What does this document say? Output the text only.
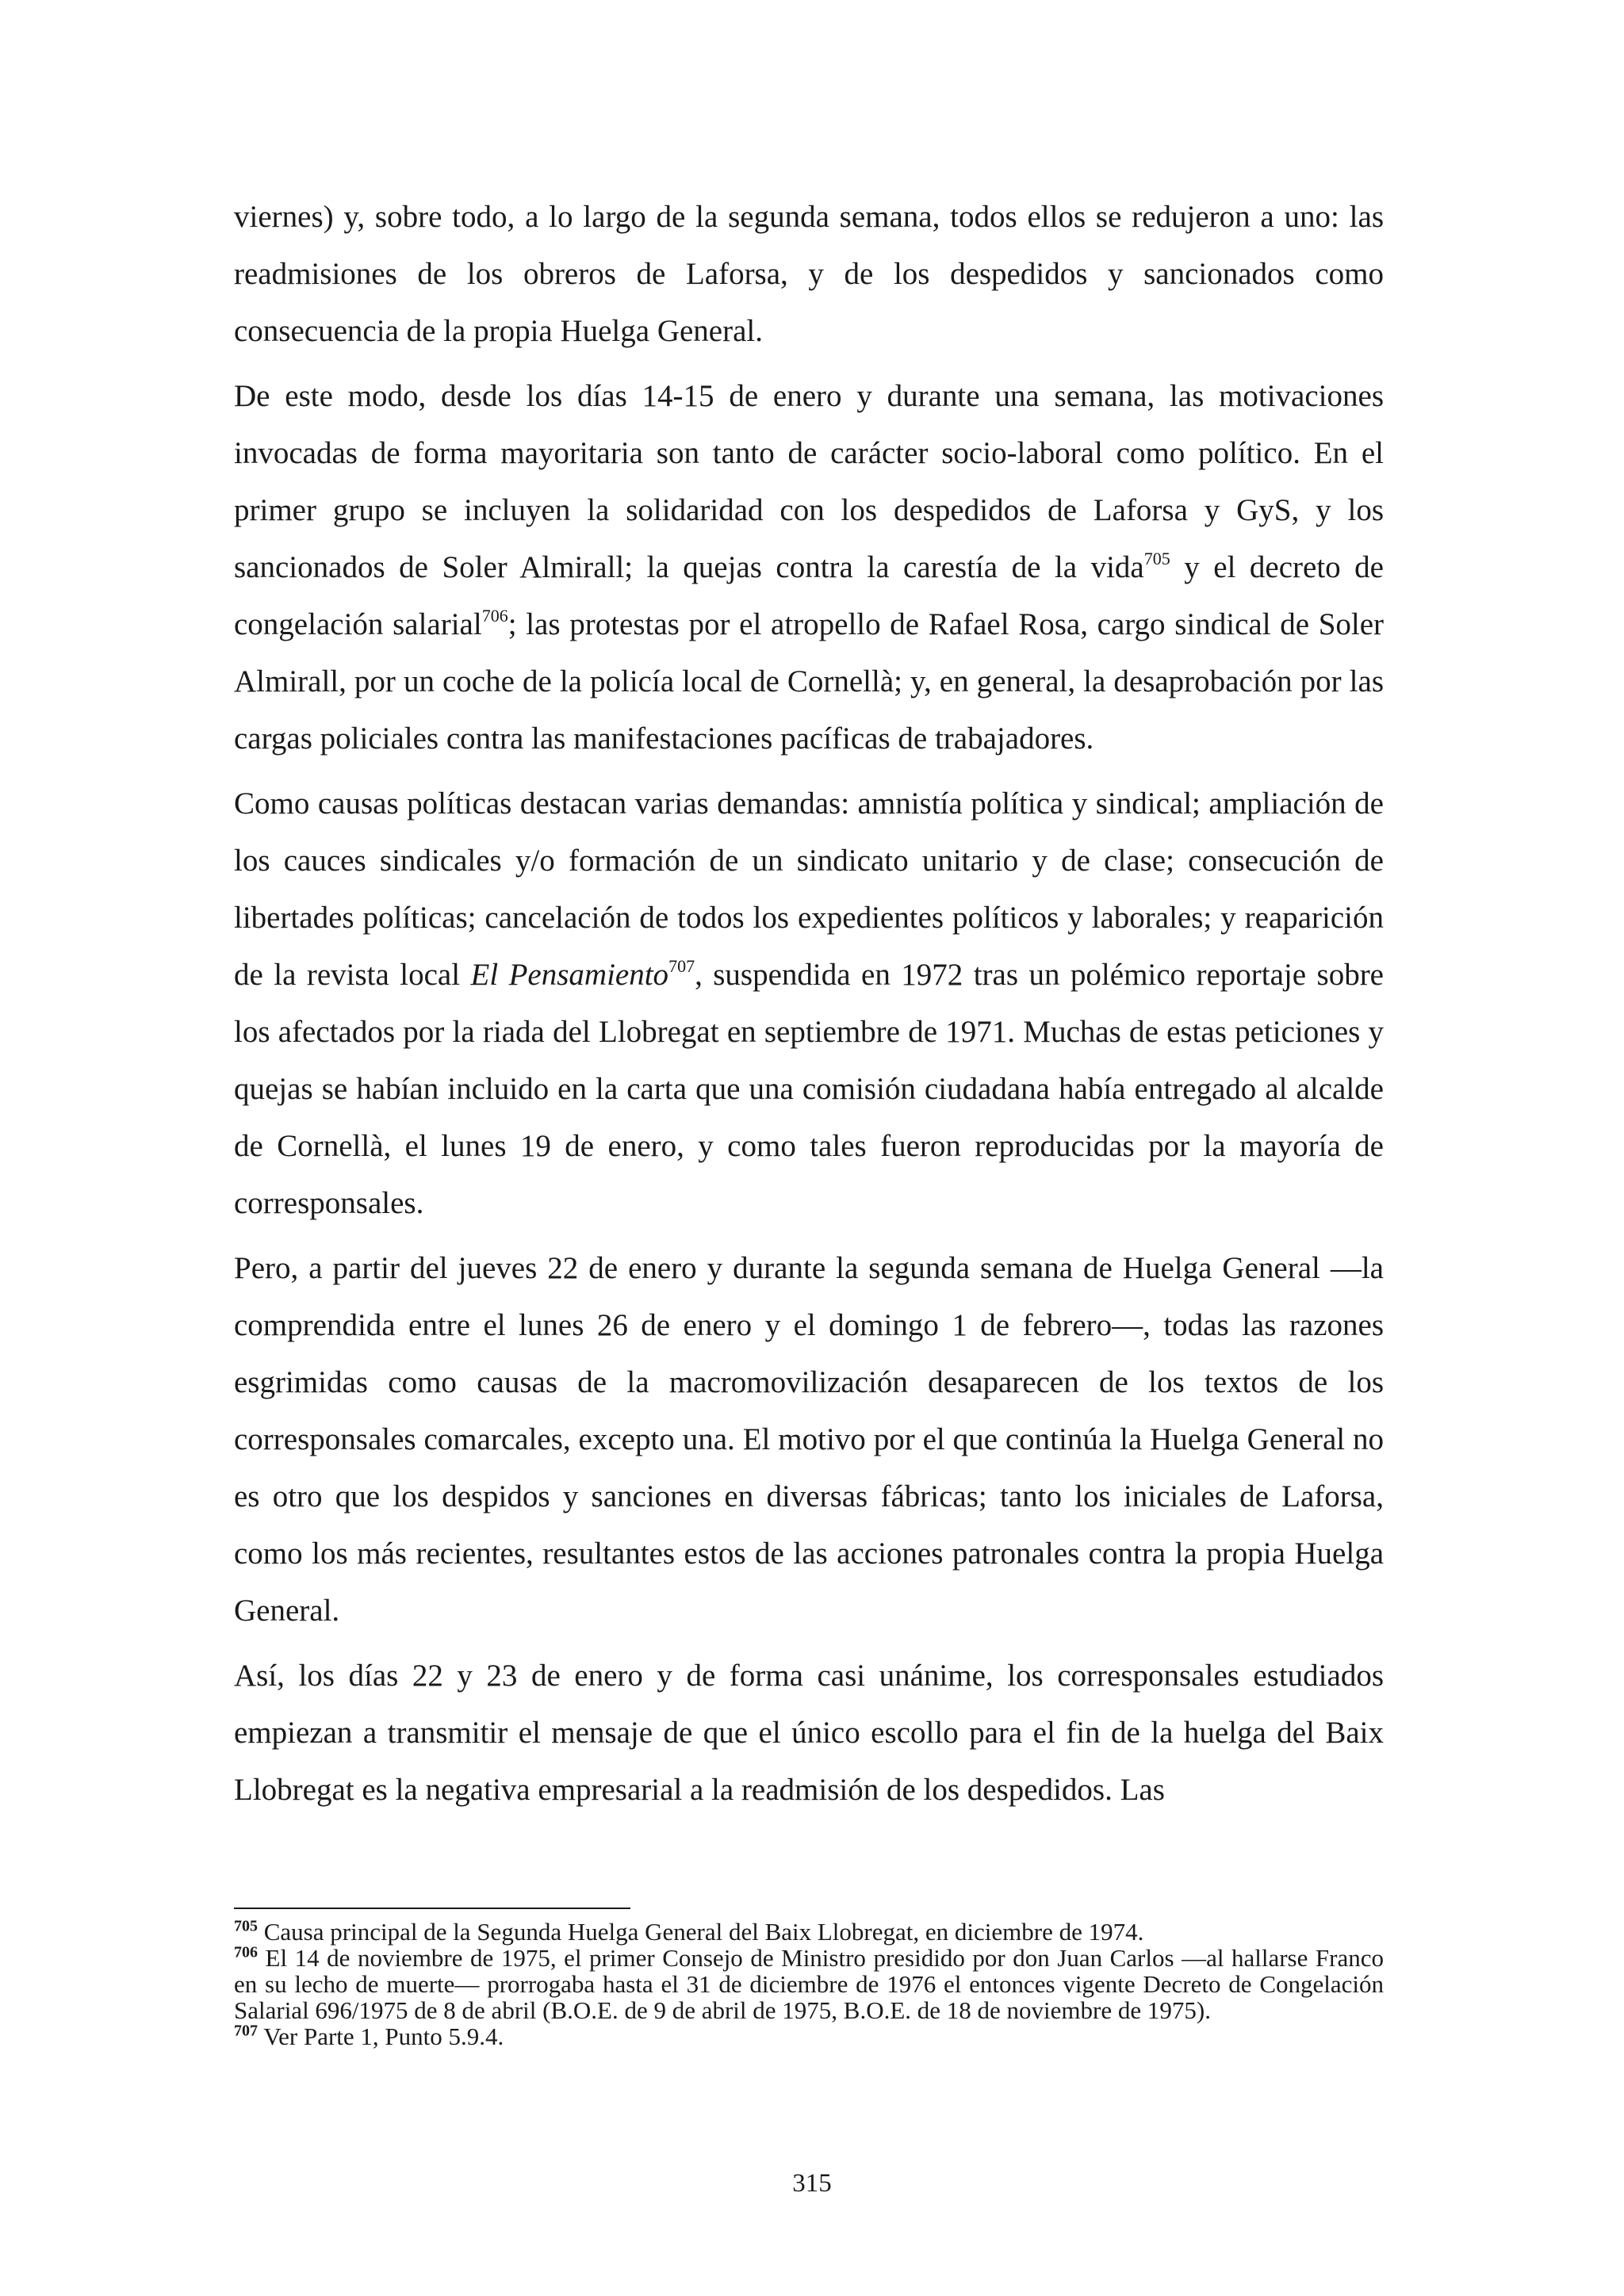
viernes) y, sobre todo, a lo largo de la segunda semana, todos ellos se redujeron a uno: las readmisiones de los obreros de Laforsa, y de los despedidos y sancionados como consecuencia de la propia Huelga General.

De este modo, desde los días 14-15 de enero y durante una semana, las motivaciones invocadas de forma mayoritaria son tanto de carácter socio-laboral como político. En el primer grupo se incluyen la solidaridad con los despedidos de Laforsa y GyS, y los sancionados de Soler Almirall; la quejas contra la carestía de la vida$^{705}$ y el decreto de congelación salarial$^{706}$; las protestas por el atropello de Rafael Rosa, cargo sindical de Soler Almirall, por un coche de la policía local de Cornellà; y, en general, la desaprobación por las cargas policiales contra las manifestaciones pacíficas de trabajadores.

Como causas políticas destacan varias demandas: amnistía política y sindical; ampliación de los cauces sindicales y/o formación de un sindicato unitario y de clase; consecución de libertades políticas; cancelación de todos los expedientes políticos y laborales; y reaparición de la revista local El Pensamiento$^{707}$, suspendida en 1972 tras un polémico reportaje sobre los afectados por la riada del Llobregat en septiembre de 1971. Muchas de estas peticiones y quejas se habían incluido en la carta que una comisión ciudadana había entregado al alcalde de Cornellà, el lunes 19 de enero, y como tales fueron reproducidas por la mayoría de corresponsales.

Pero, a partir del jueves 22 de enero y durante la segunda semana de Huelga General —la comprendida entre el lunes 26 de enero y el domingo 1 de febrero—, todas las razones esgrimidas como causas de la macromovilización desaparecen de los textos de los corresponsales comarcales, excepto una. El motivo por el que continúa la Huelga General no es otro que los despidos y sanciones en diversas fábricas; tanto los iniciales de Laforsa, como los más recientes, resultantes estos de las acciones patronales contra la propia Huelga General.

Así, los días 22 y 23 de enero y de forma casi unánime, los corresponsales estudiados empiezan a transmitir el mensaje de que el único escollo para el fin de la huelga del Baix Llobregat es la negativa empresarial a la readmisión de los despedidos. Las

$^{705}$ Causa principal de la Segunda Huelga General del Baix Llobregat, en diciembre de 1974.

$^{706}$ El 14 de noviembre de 1975, el primer Consejo de Ministro presidido por don Juan Carlos —al hallarse Franco en su lecho de muerte— prorrogaba hasta el 31 de diciembre de 1976 el entonces vigente Decreto de Congelación Salarial 696/1975 de 8 de abril (B.O.E. de 9 de abril de 1975, B.O.E. de 18 de noviembre de 1975).

$^{707}$ Ver Parte 1, Punto 5.9.4.

315
